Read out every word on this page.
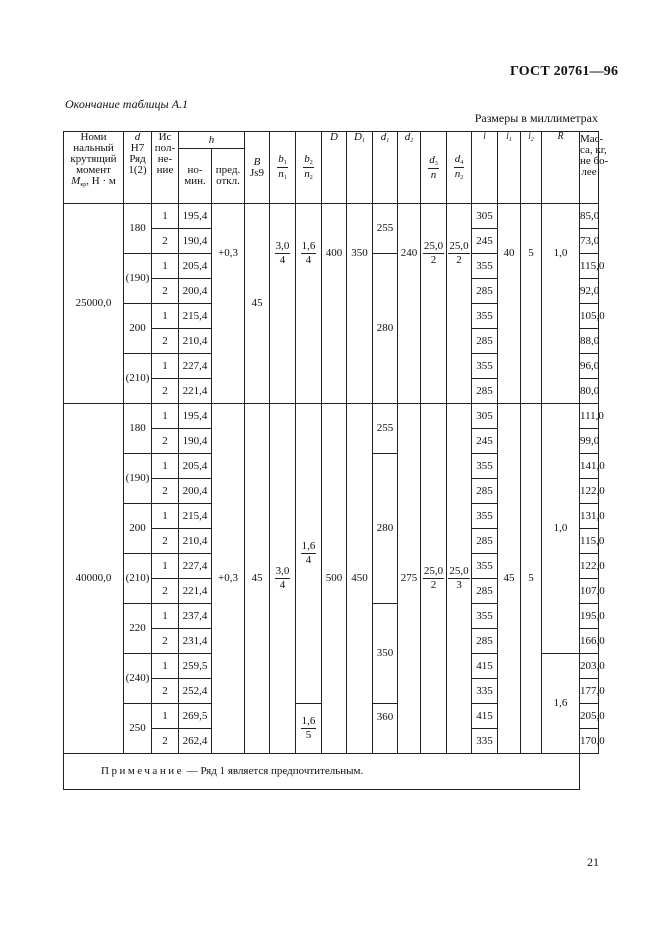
ГОСТ 20761—96
Окончание таблицы А.1
Размеры в миллиметрах
Номи
нальный
крутящий
момент
$M_{кр}$, Н · м	d
Н7
Ряд
1(2)	Ис
пол-
не-
ние	h		B
Js9	$\frac{b_1}{n_1}$	$\frac{b_2}{n_2}$	D	$D_1$	$d_1$	$d_2$	$\frac{d_3}{n}$	$\frac{d_4}{n_2}$	l	$l_1$	$l_2$	R	Мас-
са, кг,
не бо-
лее
			но-
мин.	пред.
откл.														
25000,0	180	1	195,4	+0,3	45	$\frac{3,0}{4}$	$\frac{1,6}{4}$	400	350	255	240	$\frac{25,0}{2}$	$\frac{25,0}{2}$	305	40	5	1,0	85,0
		2	190,4											245				73,0
	(190)	1	205,4							280				355				115,0
		2	200,4											285				92,0
	200	1	215,4											355				105,0
		2	210,4											285				88,0
	(210)	1	227,4											355				96,0
		2	221,4											285				80,0
40000,0	180	1	195,4	+0,3	45	$\frac{3,0}{4}$	$\frac{1,6}{4}$	500	450	255	275	$\frac{25,0}{2}$	$\frac{25,0}{3}$	305	45	5	1,0	111,0
		2	190,4											245				99,0
	(190)	1	205,4							280				355				141,0
		2	200,4											285				122,0
	200	1	215,4											355				131,0
		2	210,4											285				115,0
	(210)	1	227,4											355				122,0
		2	221,4											285				107,0
	220	1	237,4							350				355				195,0
		2	231,4											285				166,0
	(240)	1	259,5											415			1,6	203,0
		2	252,4											335				177,0
	250	1	269,5				$\frac{1,6}{5}$			360				415				205,0
		2	262,4											335				170,0
Примечание — Ряд 1 является предпочтительным.																		
21
